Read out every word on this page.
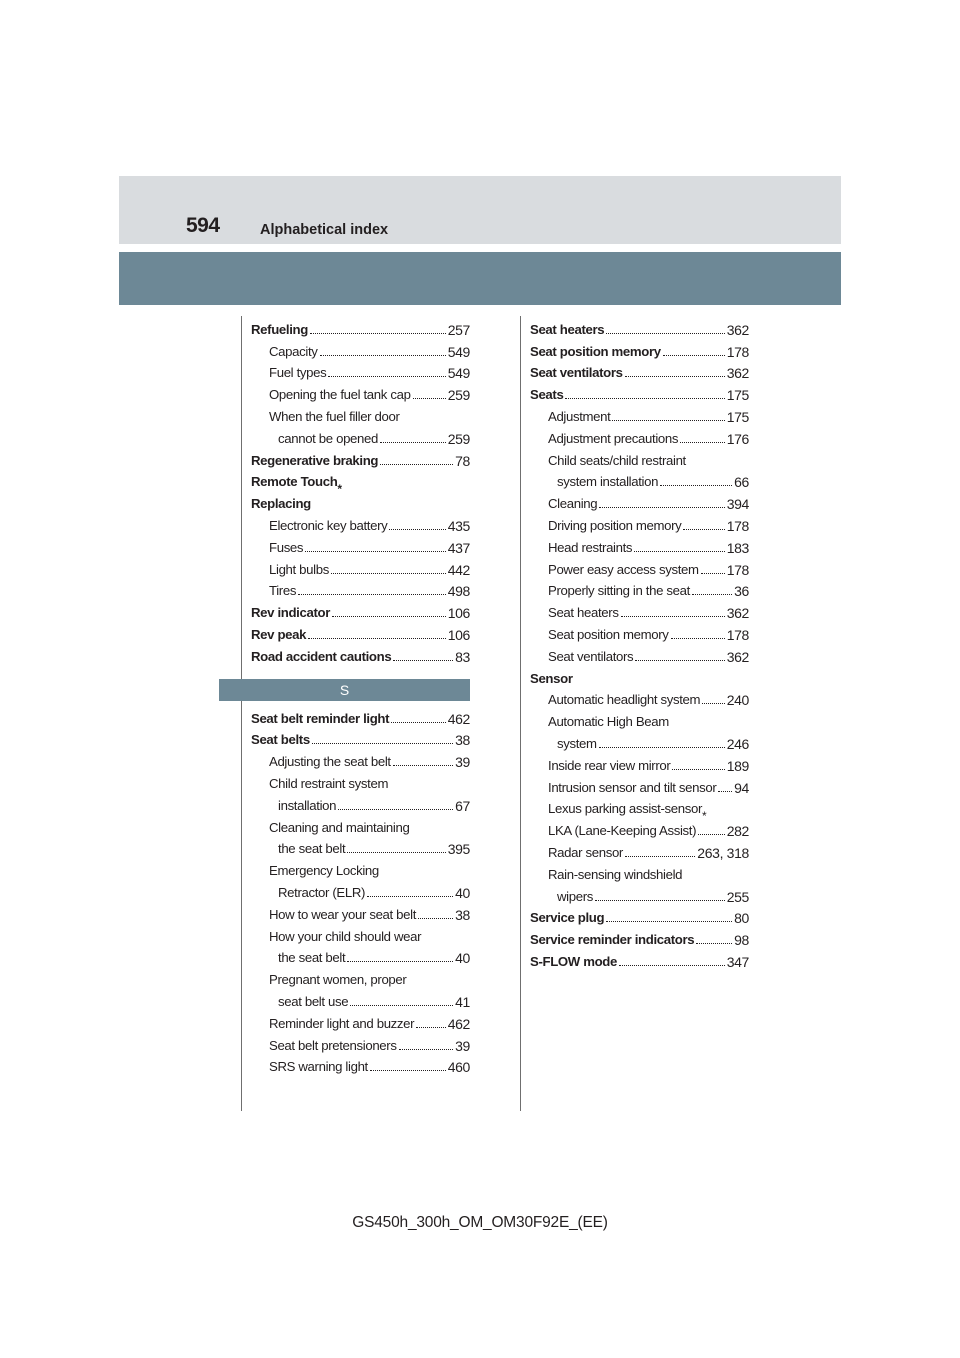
594	Alphabetical index
Refueling	257
Capacity	549
Fuel types	549
Opening the fuel tank cap	259
When the fuel filler door
cannot be opened	259
Regenerative braking	78
Remote Touch*
Replacing
Electronic key battery	435
Fuses	437
Light bulbs	442
Tires	498
Rev indicator	106
Rev peak	106
Road accident cautions	83
S
Seat belt reminder light	462
Seat belts	38
Adjusting the seat belt	39
Child restraint system
installation	67
Cleaning and maintaining
the seat belt	395
Emergency Locking
Retractor (ELR)	40
How to wear your seat belt	38
How your child should wear
the seat belt	40
Pregnant women, proper
seat belt use	41
Reminder light and buzzer 462
Seat belt pretensioners	39
SRS warning light	460
Seat heaters	362
Seat position memory	178
Seat ventilators	362
Seats	175
Adjustment	175
Adjustment precautions	176
Child seats/child restraint
system installation	66
Cleaning	394
Driving position memory	178
Head restraints	183
Power easy access system 178
Properly sitting in the seat	36
Seat heaters	362
Seat position memory	178
Seat ventilators	362
Sensor
Automatic headlight system 240
Automatic High Beam
system	246
Inside rear view mirror	189
Intrusion sensor and tilt sensor 94
Lexus parking assist-sensor*
LKA (Lane-Keeping Assist) 282
Radar sensor	263, 318
Rain-sensing windshield
wipers	255
Service plug	80
Service reminder indicators	98
S-FLOW mode	347
GS450h_300h_OM_OM30F92E_(EE)
